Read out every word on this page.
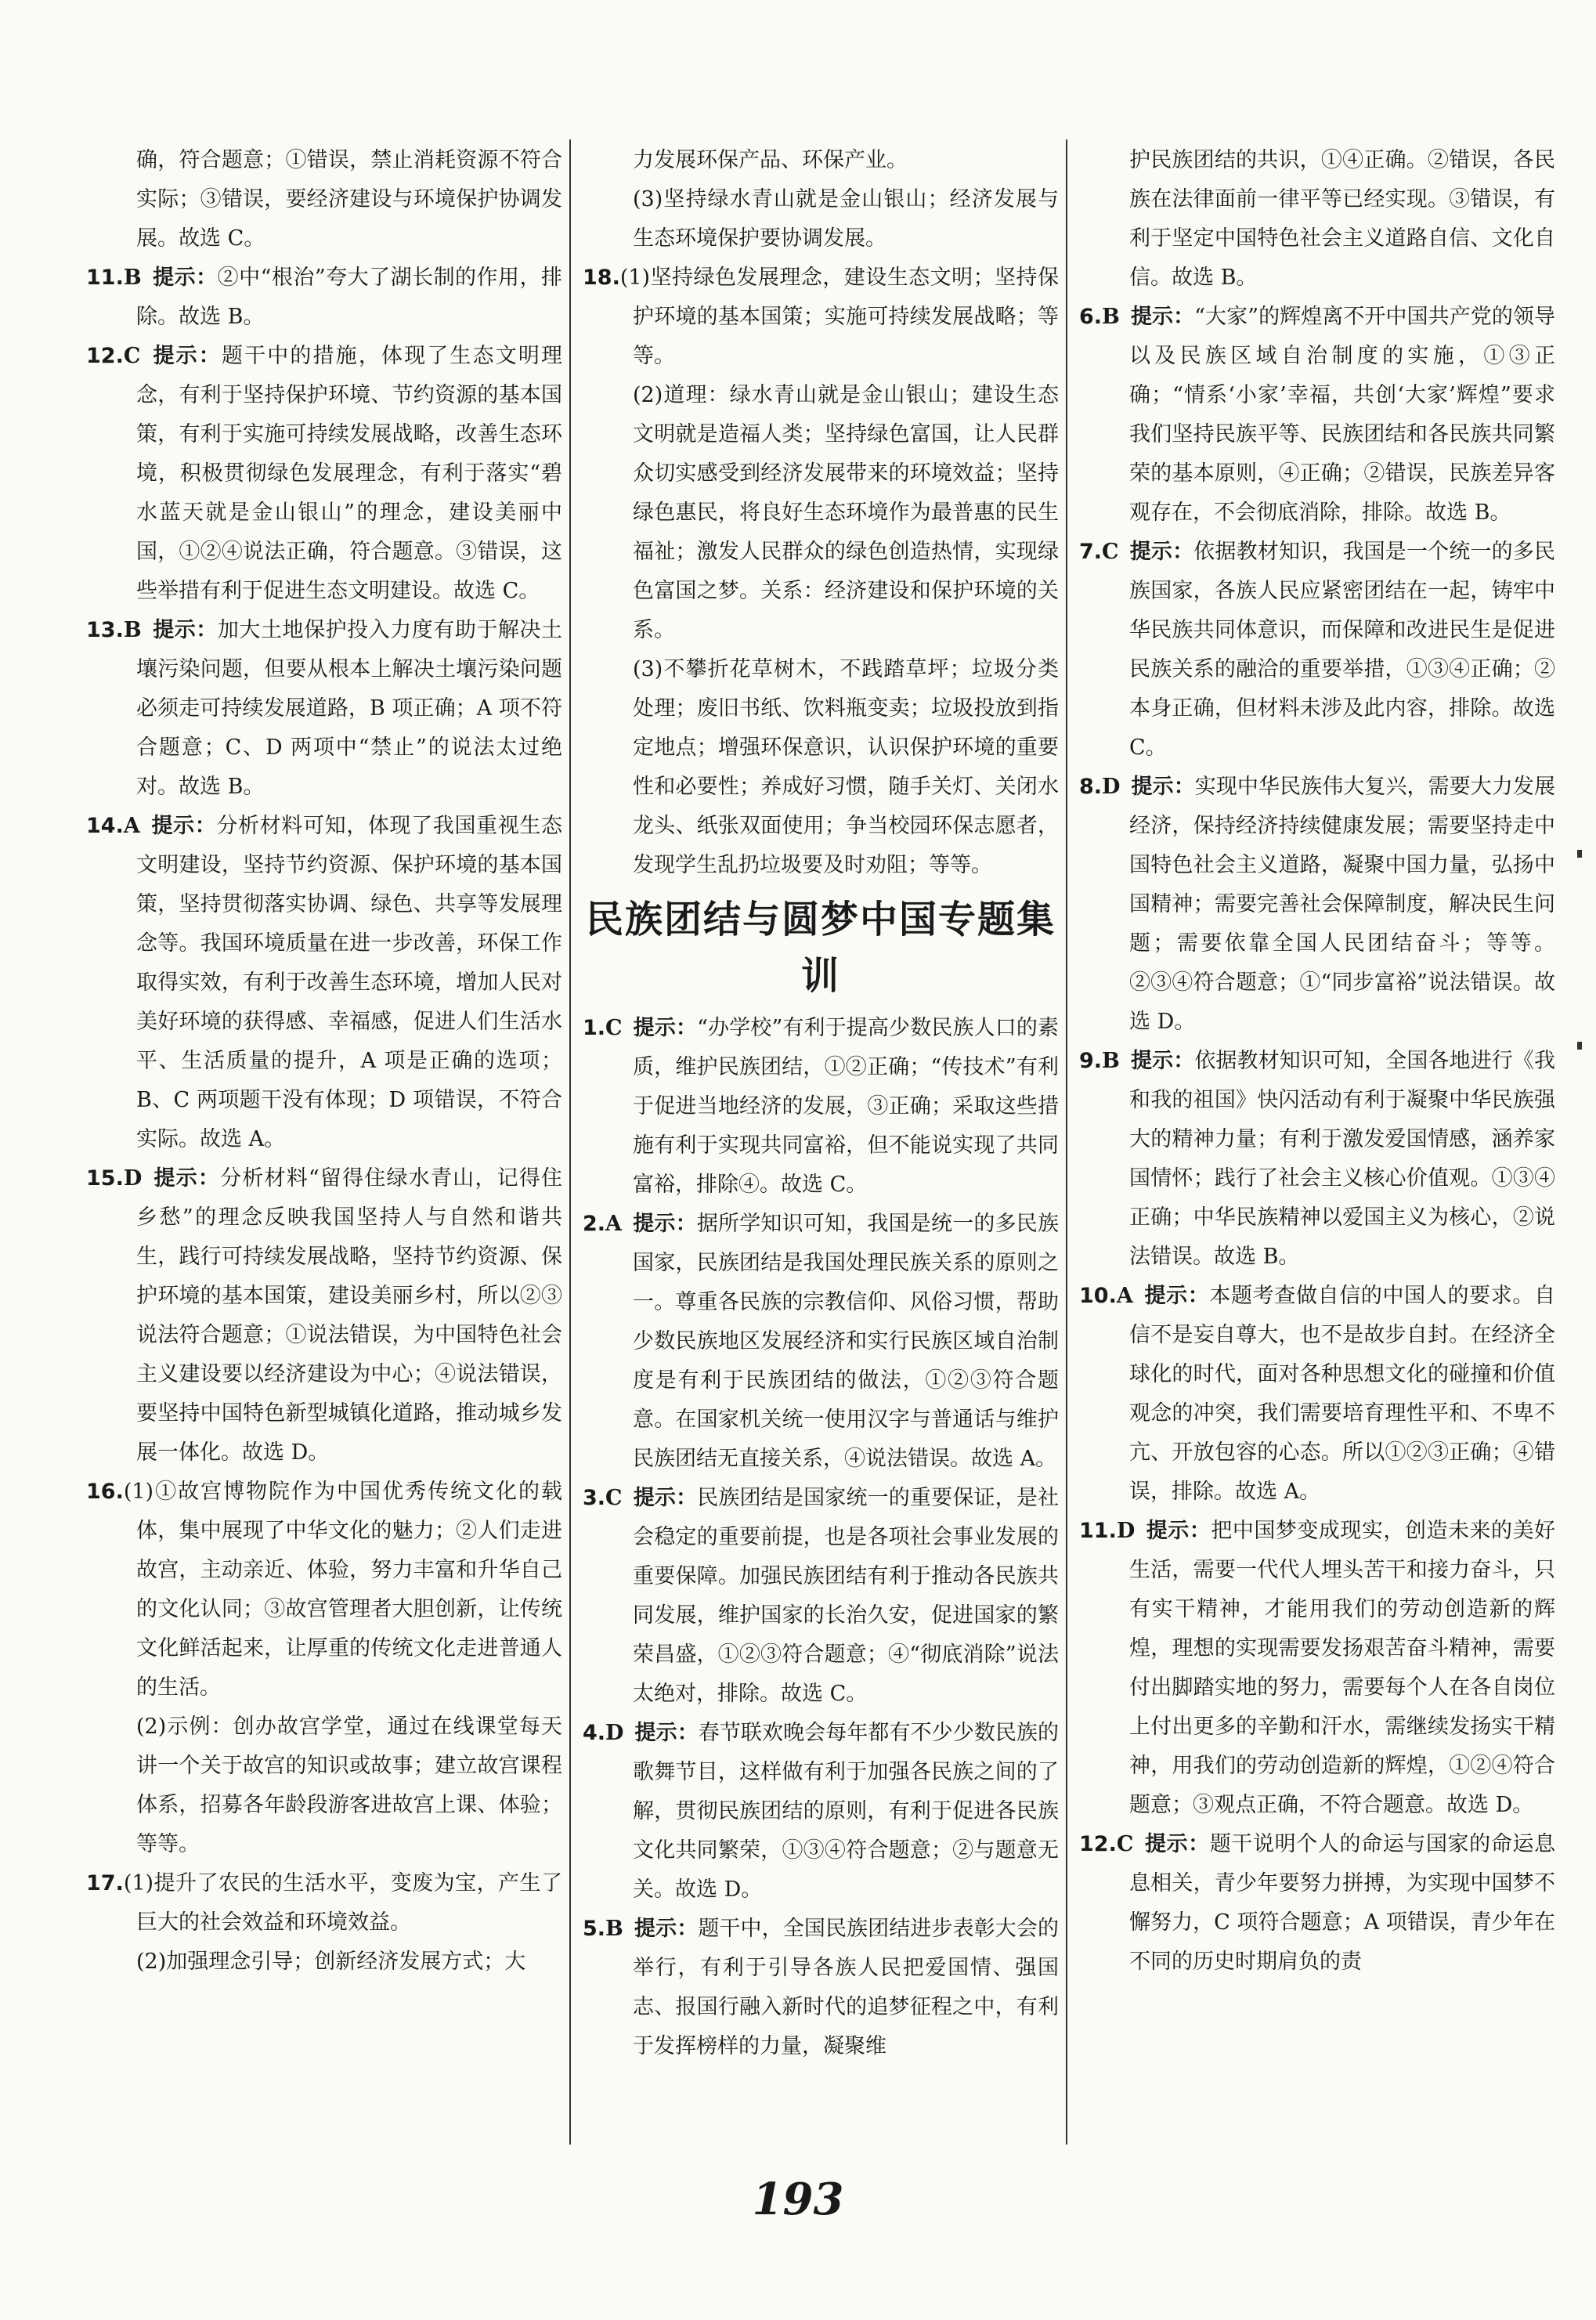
确，符合题意；①错误，禁止消耗资源不符合实际；③错误，要经济建设与环境保护协调发展。故选 C。

11.B 提示：②中“根治”夸大了湖长制的作用，排除。故选 B。

12.C 提示：题干中的措施，体现了生态文明理念，有利于坚持保护环境、节约资源的基本国策，有利于实施可持续发展战略，改善生态环境，积极贯彻绿色发展理念，有利于落实“碧水蓝天就是金山银山”的理念，建设美丽中国，①②④说法正确，符合题意。③错误，这些举措有利于促进生态文明建设。故选 C。

13.B 提示：加大土地保护投入力度有助于解决土壤污染问题，但要从根本上解决土壤污染问题必须走可持续发展道路，B 项正确；A 项不符合题意；C、D 两项中“禁止”的说法太过绝对。故选 B。

14.A 提示：分析材料可知，体现了我国重视生态文明建设，坚持节约资源、保护环境的基本国策，坚持贯彻落实协调、绿色、共享等发展理念等。我国环境质量在进一步改善，环保工作取得实效，有利于改善生态环境，增加人民对美好环境的获得感、幸福感，促进人们生活水平、生活质量的提升，A 项是正确的选项；B、C 两项题干没有体现；D 项错误，不符合实际。故选 A。

15.D 提示：分析材料“留得住绿水青山，记得住乡愁”的理念反映我国坚持人与自然和谐共生，践行可持续发展战略，坚持节约资源、保护环境的基本国策，建设美丽乡村，所以②③说法符合题意；①说法错误，为中国特色社会主义建设要以经济建设为中心；④说法错误，要坚持中国特色新型城镇化道路，推动城乡发展一体化。故选 D。

16.(1)①故宫博物院作为中国优秀传统文化的载体，集中展现了中华文化的魅力；②人们走进故宫，主动亲近、体验，努力丰富和升华自己的文化认同；③故宫管理者大胆创新，让传统文化鲜活起来，让厚重的传统文化走进普通人的生活。

(2)示例：创办故宫学堂，通过在线课堂每天讲一个关于故宫的知识或故事；建立故宫课程体系，招募各年龄段游客进故宫上课、体验；等等。

17.(1)提升了农民的生活水平，变废为宝，产生了巨大的社会效益和环境效益。

(2)加强理念引导；创新经济发展方式；大

力发展环保产品、环保产业。

(3)坚持绿水青山就是金山银山；经济发展与生态环境保护要协调发展。

18.(1)坚持绿色发展理念，建设生态文明；坚持保护环境的基本国策；实施可持续发展战略；等等。

(2)道理：绿水青山就是金山银山；建设生态文明就是造福人类；坚持绿色富国，让人民群众切实感受到经济发展带来的环境效益；坚持绿色惠民，将良好生态环境作为最普惠的民生福祉；激发人民群众的绿色创造热情，实现绿色富国之梦。关系：经济建设和保护环境的关系。

(3)不攀折花草树木，不践踏草坪；垃圾分类处理；废旧书纸、饮料瓶变卖；垃圾投放到指定地点；增强环保意识，认识保护环境的重要性和必要性；养成好习惯，随手关灯、关闭水龙头、纸张双面使用；争当校园环保志愿者，发现学生乱扔垃圾要及时劝阻；等等。

民族团结与圆梦中国专题集训

1.C 提示：“办学校”有利于提高少数民族人口的素质，维护民族团结，①②正确；“传技术”有利于促进当地经济的发展，③正确；采取这些措施有利于实现共同富裕，但不能说实现了共同富裕，排除④。故选 C。

2.A 提示：据所学知识可知，我国是统一的多民族国家，民族团结是我国处理民族关系的原则之一。尊重各民族的宗教信仰、风俗习惯，帮助少数民族地区发展经济和实行民族区域自治制度是有利于民族团结的做法，①②③符合题意。在国家机关统一使用汉字与普通话与维护民族团结无直接关系，④说法错误。故选 A。

3.C 提示：民族团结是国家统一的重要保证，是社会稳定的重要前提，也是各项社会事业发展的重要保障。加强民族团结有利于推动各民族共同发展，维护国家的长治久安，促进国家的繁荣昌盛，①②③符合题意；④“彻底消除”说法太绝对，排除。故选 C。

4.D 提示：春节联欢晚会每年都有不少少数民族的歌舞节目，这样做有利于加强各民族之间的了解，贯彻民族团结的原则，有利于促进各民族文化共同繁荣，①③④符合题意；②与题意无关。故选 D。

5.B 提示：题干中，全国民族团结进步表彰大会的举行，有利于引导各族人民把爱国情、强国志、报国行融入新时代的追梦征程之中，有利于发挥榜样的力量，凝聚维

护民族团结的共识，①④正确。②错误，各民族在法律面前一律平等已经实现。③错误，有利于坚定中国特色社会主义道路自信、文化自信。故选 B。

6.B 提示：“大家”的辉煌离不开中国共产党的领导以及民族区域自治制度的实施，①③正确；“情系‘小家’幸福，共创‘大家’辉煌”要求我们坚持民族平等、民族团结和各民族共同繁荣的基本原则，④正确；②错误，民族差异客观存在，不会彻底消除，排除。故选 B。

7.C 提示：依据教材知识，我国是一个统一的多民族国家，各族人民应紧密团结在一起，铸牢中华民族共同体意识，而保障和改进民生是促进民族关系的融洽的重要举措，①③④正确；②本身正确，但材料未涉及此内容，排除。故选 C。

8.D 提示：实现中华民族伟大复兴，需要大力发展经济，保持经济持续健康发展；需要坚持走中国特色社会主义道路，凝聚中国力量，弘扬中国精神；需要完善社会保障制度，解决民生问题；需要依靠全国人民团结奋斗；等等。②③④符合题意；①“同步富裕”说法错误。故选 D。

9.B 提示：依据教材知识可知，全国各地进行《我和我的祖国》快闪活动有利于凝聚中华民族强大的精神力量；有利于激发爱国情感，涵养家国情怀；践行了社会主义核心价值观。①③④正确；中华民族精神以爱国主义为核心，②说法错误。故选 B。

10.A 提示：本题考查做自信的中国人的要求。自信不是妄自尊大，也不是故步自封。在经济全球化的时代，面对各种思想文化的碰撞和价值观念的冲突，我们需要培育理性平和、不卑不亢、开放包容的心态。所以①②③正确；④错误，排除。故选 A。

11.D 提示：把中国梦变成现实，创造未来的美好生活，需要一代代人埋头苦干和接力奋斗，只有实干精神，才能用我们的劳动创造新的辉煌，理想的实现需要发扬艰苦奋斗精神，需要付出脚踏实地的努力，需要每个人在各自岗位上付出更多的辛勤和汗水，需继续发扬实干精神，用我们的劳动创造新的辉煌，①②④符合题意；③观点正确，不符合题意。故选 D。

12.C 提示：题干说明个人的命运与国家的命运息息相关，青少年要努力拼搏，为实现中国梦不懈努力，C 项符合题意；A 项错误，青少年在不同的历史时期肩负的责

193
